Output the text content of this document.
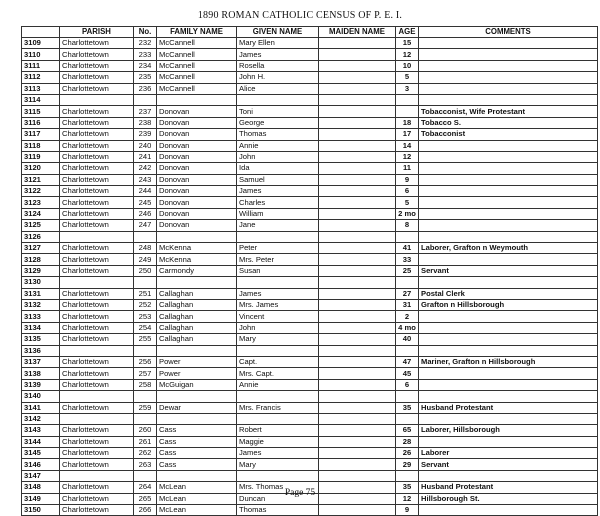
1890 ROMAN CATHOLIC CENSUS OF P. E. I.
	PARISH	No.	FAMILY NAME	GIVEN NAME	MAIDEN NAME	AGE	COMMENTS
3109	Charlottetown	232	McCannell	Mary Ellen		15	
3110	Charlottetown	233	McCannell	James		12	
3111	Charlottetown	234	McCannell	Rosella		10	
3112	Charlottetown	235	McCannell	John H.		5	
3113	Charlottetown	236	McCannell	Alice		3	
3114							
3115	Charlottetown	237	Donovan	Toni			Tobacconist, Wife Protestant
3116	Charlottetown	238	Donovan	George		18	Tobacco S.
3117	Charlottetown	239	Donovan	Thomas		17	Tobacconist
3118	Charlottetown	240	Donovan	Annie		14	
3119	Charlottetown	241	Donovan	John		12	
3120	Charlottetown	242	Donovan	Ida		11	
3121	Charlottetown	243	Donovan	Samuel		9	
3122	Charlottetown	244	Donovan	James		6	
3123	Charlottetown	245	Donovan	Charles		5	
3124	Charlottetown	246	Donovan	William		2 mo	
3125	Charlottetown	247	Donovan	Jane		8	
3126							
3127	Charlottetown	248	McKenna	Peter		41	Laborer, Grafton n Weymouth
3128	Charlottetown	249	McKenna	Mrs. Peter		33	
3129	Charlottetown	250	Carmondy	Susan		25	Servant
3130							
3131	Charlottetown	251	Callaghan	James		27	Postal Clerk
3132	Charlottetown	252	Callaghan	Mrs. James		31	Grafton n Hillsborough
3133	Charlottetown	253	Callaghan	Vincent		2	
3134	Charlottetown	254	Callaghan	John		4 mo	
3135	Charlottetown	255	Callaghan	Mary		40	
3136							
3137	Charlottetown	256	Power	Capt.		47	Mariner, Grafton n Hillsborough
3138	Charlottetown	257	Power	Mrs. Capt.		45	
3139	Charlottetown	258	McGuigan	Annie		6	
3140							
3141	Charlottetown	259	Dewar	Mrs. Francis		35	Husband Protestant
3142							
3143	Charlottetown	260	Cass	Robert		65	Laborer, Hillsborough
3144	Charlottetown	261	Cass	Maggie		28	
3145	Charlottetown	262	Cass	James		26	Laborer
3146	Charlottetown	263	Cass	Mary		29	Servant
3147							
3148	Charlottetown	264	McLean	Mrs. Thomas		35	Husband Protestant
3149	Charlottetown	265	McLean	Duncan		12	Hillsborough St.
3150	Charlottetown	266	McLean	Thomas		9	
Page 75
